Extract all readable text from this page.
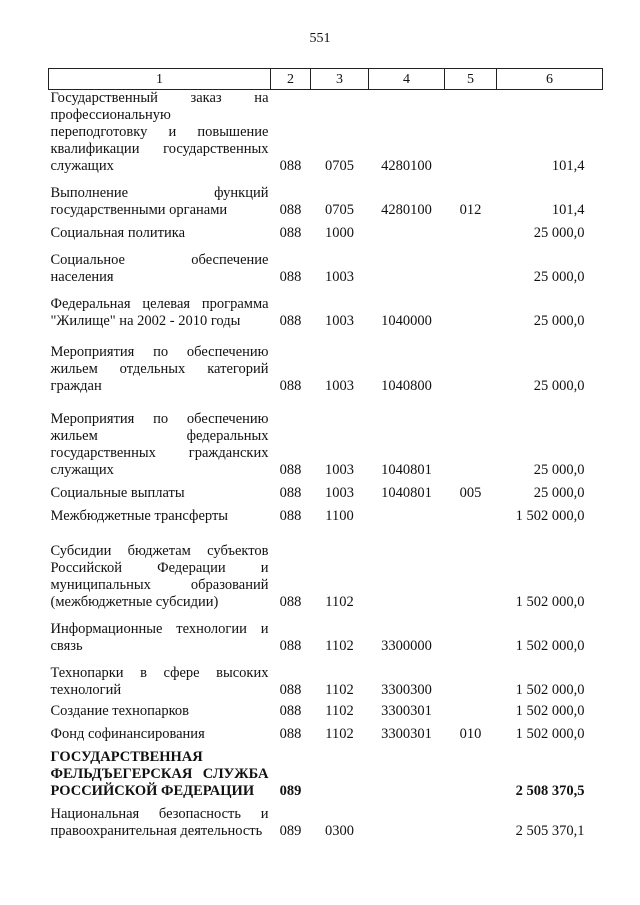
551
1	2	3	4	5	6
Государственный заказ на профессиональную переподготовку и повышение квалификации государственных служащих	088	0705	4280100		101,4
Выполнение функций государственными органами	088	0705	4280100	012	101,4
Социальная политика	088	1000			25 000,0
Социальное обеспечение населения	088	1003			25 000,0
Федеральная целевая программа "Жилище" на 2002 - 2010 годы	088	1003	1040000		25 000,0
Мероприятия по обеспечению жильем отдельных категорий граждан	088	1003	1040800		25 000,0
Мероприятия по обеспечению жильем федеральных государственных гражданских служащих	088	1003	1040801		25 000,0
Социальные выплаты	088	1003	1040801	005	25 000,0
Межбюджетные трансферты	088	1100			1 502 000,0
Субсидии бюджетам субъектов Российской Федерации и муниципальных образований (межбюджетные субсидии)	088	1102			1 502 000,0
Информационные технологии и связь	088	1102	3300000		1 502 000,0
Технопарки в сфере высоких технологий	088	1102	3300300		1 502 000,0
Создание технопарков	088	1102	3300301		1 502 000,0
Фонд софинансирования	088	1102	3300301	010	1 502 000,0
ГОСУДАРСТВЕННАЯ ФЕЛЬДЪЕГЕРСКАЯ СЛУЖБА РОССИЙСКОЙ ФЕДЕРАЦИИ	089				2 508 370,5
Национальная безопасность и правоохранительная деятельность	089	0300			2 505 370,1
